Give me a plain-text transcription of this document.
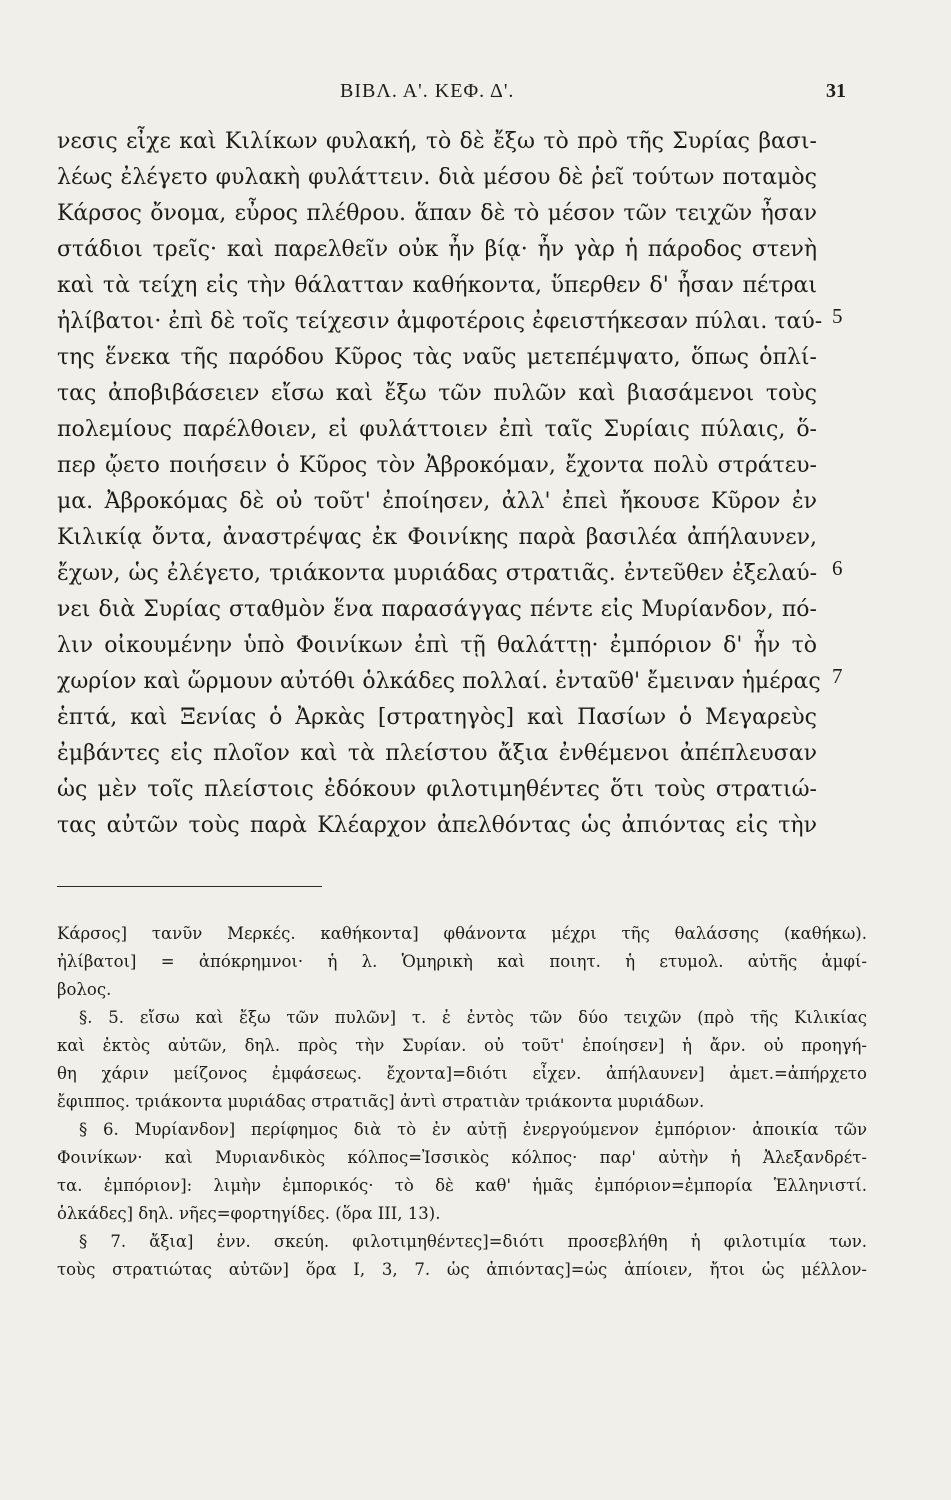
ΒΙΒΛ. Α'. ΚΕΦ. Δ'.	31
νεσις εἶχε καὶ Κιλίκων φυλακή, τὸ δὲ ἔξω τὸ πρὸ τῆς Συρίας βασι-
λέως ἐλέγετο φυλακὴ φυλάττειν. διὰ μέσου δὲ ῥεῖ τούτων ποταμὸς
Κάρσος ὄνομα, εὖρος πλέθρου. ἅπαν δὲ τὸ μέσον τῶν τειχῶν ἦσαν
στάδιοι τρεῖς· καὶ παρελθεῖν οὐκ ἦν βίᾳ· ἦν γὰρ ἡ πάροδος στενὴ
καὶ τὰ τείχη εἰς τὴν θάλατταν καθήκοντα, ὕπερθεν δ' ἦσαν πέτραι
ἠλίβατοι· ἐπὶ δὲ τοῖς τείχεσιν ἀμφοτέροις ἐφειστήκεσαν πύλαι. ταύ-
της ἕνεκα τῆς παρόδου Κῦρος τὰς ναῦς μετεπέμψατο, ὅπως ὁπλί-
τας ἀποβιβάσειεν εἴσω καὶ ἔξω τῶν πυλῶν καὶ βιασάμενοι τοὺς
πολεμίους παρέλθοιεν, εἰ φυλάττοιεν ἐπὶ ταῖς Συρίαις πύλαις, ὅ-
περ ᾤετο ποιήσειν ὁ Κῦρος τὸν Ἀβροκόμαν, ἔχοντα πολὺ στράτευ-
μα. Ἀβροκόμας δὲ οὐ τοῦτ' ἐποίησεν, ἀλλ' ἐπεὶ ἤκουσε Κῦρον ἐν
Κιλικίᾳ ὄντα, ἀναστρέψας ἐκ Φοινίκης παρὰ βασιλέα ἀπήλαυνεν,
ἔχων, ὡς ἐλέγετο, τριάκοντα μυριάδας στρατιᾶς. ἐντεῦθεν ἐξελαύ-
νει διὰ Συρίας σταθμὸν ἕνα παρασάγγας πέντε εἰς Μυρίανδον, πό-
λιν οἰκουμένην ὑπὸ Φοινίκων ἐπὶ τῇ θαλάττῃ· ἐμπόριον δ' ἦν τὸ
χωρίον καὶ ὥρμουν αὐτόθι ὁλκάδες πολλαί. ἐνταῦθ' ἔμειναν ἡμέρας
ἑπτά, καὶ Ξενίας ὁ Ἀρκὰς [στρατηγὸς] καὶ Πασίων ὁ Μεγαρεὺς
ἐμβάντες εἰς πλοῖον καὶ τὰ πλείστου ἄξια ἐνθέμενοι ἀπέπλευσαν
ὡς μὲν τοῖς πλείστοις ἐδόκουν φιλοτιμηθέντες ὅτι τοὺς στρατιώ-
τας αὐτῶν τοὺς παρὰ Κλέαρχον ἀπελθόντας ὡς ἀπιόντας εἰς τὴν
5
6
7
Κάρσος] τανῦν Μερκές. καθήκοντα] φθάνοντα μέχρι τῆς θαλάσσης (καθήκω).
ἠλίβατοι] = ἀπόκρημνοι· ἡ λ. Ὁμηρικὴ καὶ ποιητ. ἡ ετυμολ. αὐτῆς ἀμφί-
βολος.
§. 5. εἴσω καὶ ἔξω τῶν πυλῶν] τ. ἐ ἐντὸς τῶν δύο τειχῶν (πρὸ τῆς Κιλικίας
καὶ ἐκτὸς αὐτῶν, δηλ. πρὸς τὴν Συρίαν. οὐ τοῦτ' ἐποίησεν] ἡ ἄρν. οὐ προηγή-
θη χάριν μείζονος ἐμφάσεως. ἔχοντα]=διότι εἶχεν. ἀπήλαυνεν] ἀμετ.=ἀπήρχετο
ἔφιππος. τριάκοντα μυριάδας στρατιᾶς] ἀντὶ στρατιὰν τριάκοντα μυριάδων.
§ 6. Μυρίανδον] περίφημος διὰ τὸ ἐν αὐτῇ ἐνεργούμενον ἐμπόριον· ἀποικία τῶν
Φοινίκων· καὶ Μυριανδικὸς κόλπος=Ἰσσικὸς κόλπος· παρ' αὐτὴν ἡ Ἀλεξανδρέτ-
τα. ἐμπόριον]: λιμὴν ἐμπορικός· τὸ δὲ καθ' ἡμᾶς ἐμπόριον=ἐμπορία Ἑλληνιστί.
ὁλκάδες] δηλ. νῆες=φορτηγίδες. (ὅρα III, 13).
§ 7. ἄξια] ἐνν. σκεύη. φιλοτιμηθέντες]=διότι προσεβλήθη ἡ φιλοτιμία των.
τοὺς στρατιώτας αὐτῶν] ὅρα I, 3, 7. ὡς ἀπιόντας]=ὡς ἀπίοιεν, ἤτοι ὡς μέλλον-
